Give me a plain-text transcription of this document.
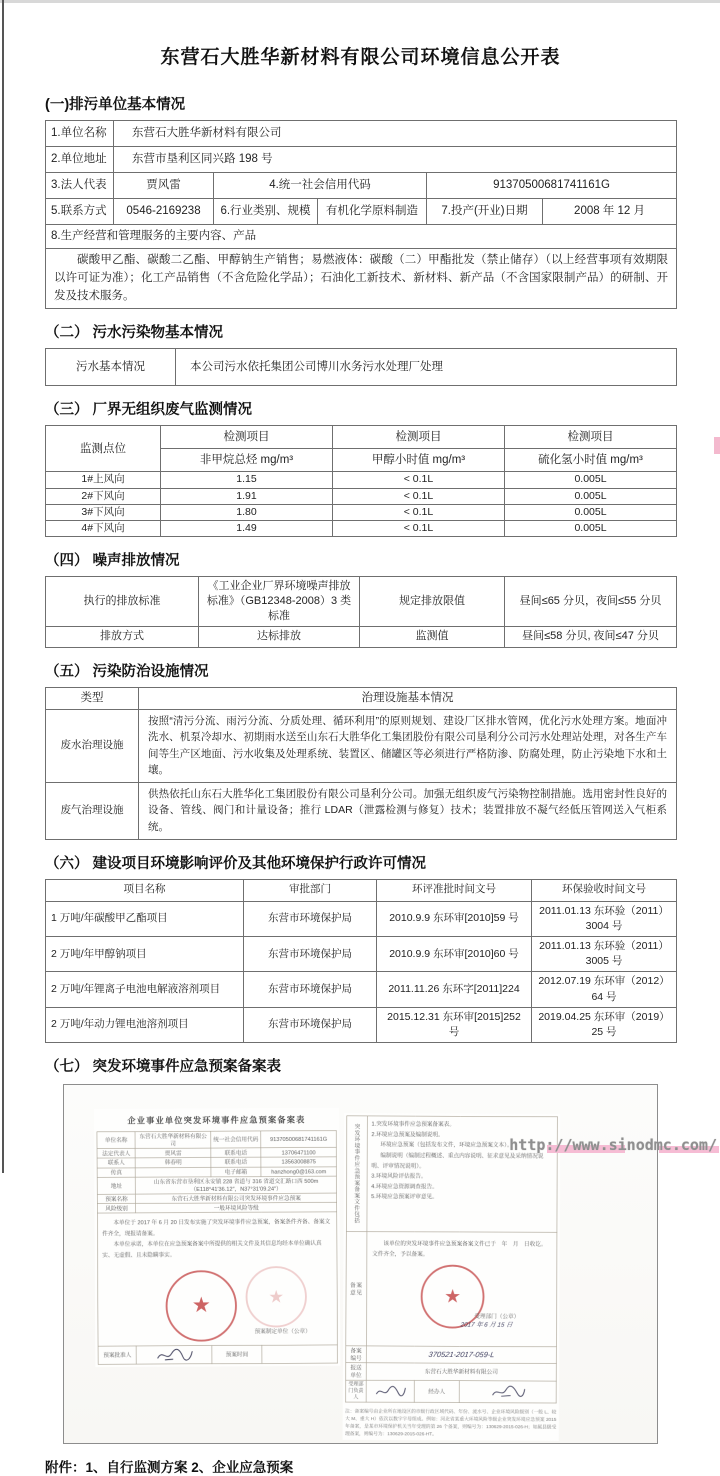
东营石大胜华新材料有限公司环境信息公开表
(一)排污单位基本情况
1.单位名称	东营石大胜华新材料有限公司				
2.单位地址	东营市垦利区同兴路 198 号				
3.法人代表	贾风雷	4.统一社会信用代码		91370500681741161G	
5.联系方式	0546-2169238	6.行业类别、规模	有机化学原料制造	7.投产(开业)日期	2008 年 12 月
8.生产经营和管理服务的主要内容、产品					
碳酸甲乙酯、碳酸二乙酯、甲醇钠生产销售；易燃液体：碳酸（二）甲酯批发（禁止储存）（以上经营事项有效期限以许可证为准）；化工产品销售（不含危险化学品）；石油化工新技术、新材料、新产品（不含国家限制产品）的研制、开发及技术服务。					
（二） 污水污染物基本情况
污水基本情况	本公司污水依托集团公司博川水务污水处理厂处理
（三） 厂界无组织废气监测情况
监测点位	检测项目	检测项目	检测项目
	非甲烷总烃 mg/m³	甲醇小时值 mg/m³	硫化氢小时值 mg/m³
1#上风向	1.15	< 0.1L	0.005L
2#下风向	1.91	< 0.1L	0.005L
3#下风向	1.80	< 0.1L	0.005L
4#下风向	1.49	< 0.1L	0.005L
（四） 噪声排放情况
执行的排放标准	《工业企业厂界环境噪声排放标准》（GB12348-2008）3 类标准	规定排放限值	昼间≤65 分贝，夜间≤55 分贝
排放方式	达标排放	监测值	昼间≤58 分贝, 夜间≤47 分贝
（五） 污染防治设施情况
类型	治理设施基本情况
废水治理设施	按照“清污分流、雨污分流、分质处理、循环利用”的原则规划、建设厂区排水管网，优化污水处理方案。地面冲洗水、机泵冷却水、初期雨水送至山东石大胜华化工集团股份有限公司垦利分公司污水处理站处理，对各生产车间等生产区地面、污水收集及处理系统、装置区、储罐区等必须进行严格防渗、防腐处理，防止污染地下水和土壤。
废气治理设施	供热依托山东石大胜华化工集团股份有限公司垦利分公司。加强无组织废气污染物控制措施。选用密封性良好的设备、管线、阀门和计量设备；推行 LDAR（泄露检测与修复）技术；装置排放不凝气经低压管网送入气柜系统。
（六） 建设项目环境影响评价及其他环境保护行政许可情况
项目名称	审批部门	环评准批时间文号	环保验收时间文号
1 万吨/年碳酸甲乙酯项目	东营市环境保护局	2010.9.9 东环审[2010]59 号	2011.01.13 东环验（2011）3004 号
2 万吨/年甲醇钠项目	东营市环境保护局	2010.9.9 东环审[2010]60 号	2011.01.13 东环验（2011）3005 号
2 万吨/年锂离子电池电解液溶剂项目	东营市环境保护局	2011.11.26 东环字[2011]224	2012.07.19 东环审（2012）64 号
2 万吨/年动力锂电池溶剂项目	东营市环境保护局	2015.12.31 东环审[2015]252 号	2019.04.25 东环审（2019）25 号
（七） 突发环境事件应急预案备案表
企业事业单位突发环境事件应急预案备案表
单位名称	东营石大胜华新材料有限公司	统一社会信用代码	91370500681741161G
法定代表人	贾风雷	联系电话	13706471100
联系人	韩春明	联系电话	13563008875
传真		电子邮箱	hanzhong0@163.com
地址	山东省东营市垦利区永安镇 228 省道与 316 省道交汇路口西 500m（E118°41′36.12″，N37°31′09.24″）		
预案名称	东营石大胜华新材料有限公司突发环境事件应急预案		
风险级别	一般环境风险等级		

本单位于 2017 年 6 月 20 日发布实施了突发环境事件应急预案，备案条件齐备、备案文件齐全，现报请备案。

本单位承诺，本单位在应急预案备案中所提供的相关文件及其信息均经本单位确认真实、无虚假、且未隐瞒事实。

★ ★
预案制定单位（公章）			

预案批准人		预案时间	
突发环境事件应急预案备案文件包括	1.突发环境事件应急预案备案表。

2.环境应急预案及编制说明。

环境应急预案（包括发布文件，环境应急预案文本）。

编制说明（编制过程概述、重点内容说明、征求意见及采纳情况说明、评审情况说明）。

3.环境风险评估报告。

4.环境应急资源调查报告。

5.环境应急预案评审意见。

备案意见	该单位的突发环境事件应急预案备案文件已于　年　月　日收讫。文件齐全，予以备案。

★
受理部门（公章）
2017 年 6 月 15 日		

备案编号	370521-2017-059-L		
报送单位	东营石大胜华新材料有限公司		
受理部门负责人		经办人	
注：备案编号由企业所在地设区的市级行政区域代码、年份、流水号、企业环境风险级别（一般 L、较大 M、重大 H）依次以数字字母组成。例如：河北省某重大环境风险等级企业突发环境应急预案 2015 年备案，是某市环境保护机关当年受理的第 26 个备案，则编号为：130629-2015-026-H；如属县级受理备案，则编号为：130629-2015-026-HT。
附件：1、自行监测方案 2、企业应急预案
http://www.sinodmc.com/
